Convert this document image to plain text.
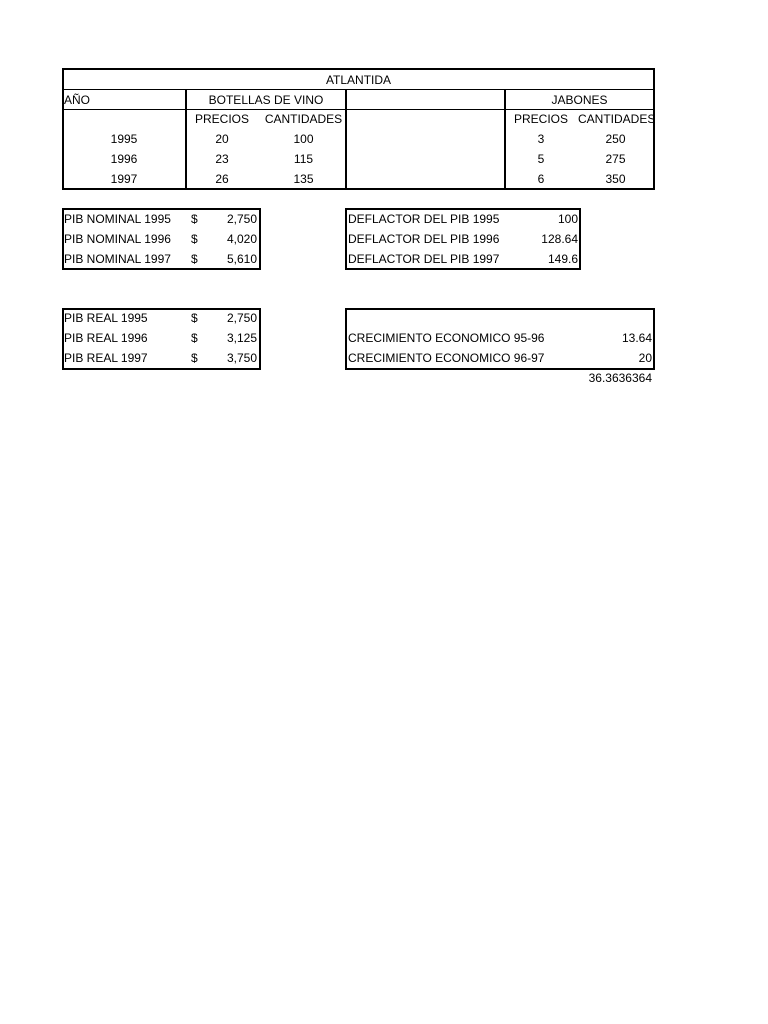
ATLANTIDA
AÑO	BOTELLAS DE VINO	JABONES
PRECIOS	CANTIDADES	PRECIOS CANTIDADES
1995	20	100	3	250
1996	23	115	5	275
1997	26	135	6	350
PIB NOMINAL 1995	$	2,750
PIB NOMINAL 1996	$	4,020
PIB NOMINAL 1997	$	5,610
DEFLACTOR DEL PIB 1995	100
DEFLACTOR DEL PIB 1996	128.64
DEFLACTOR DEL PIB 1997	149.6
PIB REAL 1995	$	2,750
PIB REAL 1996	$	3,125
PIB REAL 1997	$	3,750
CRECIMIENTO ECONOMICO 95-96	13.64
CRECIMIENTO ECONOMICO 96-97	20
36.3636364
